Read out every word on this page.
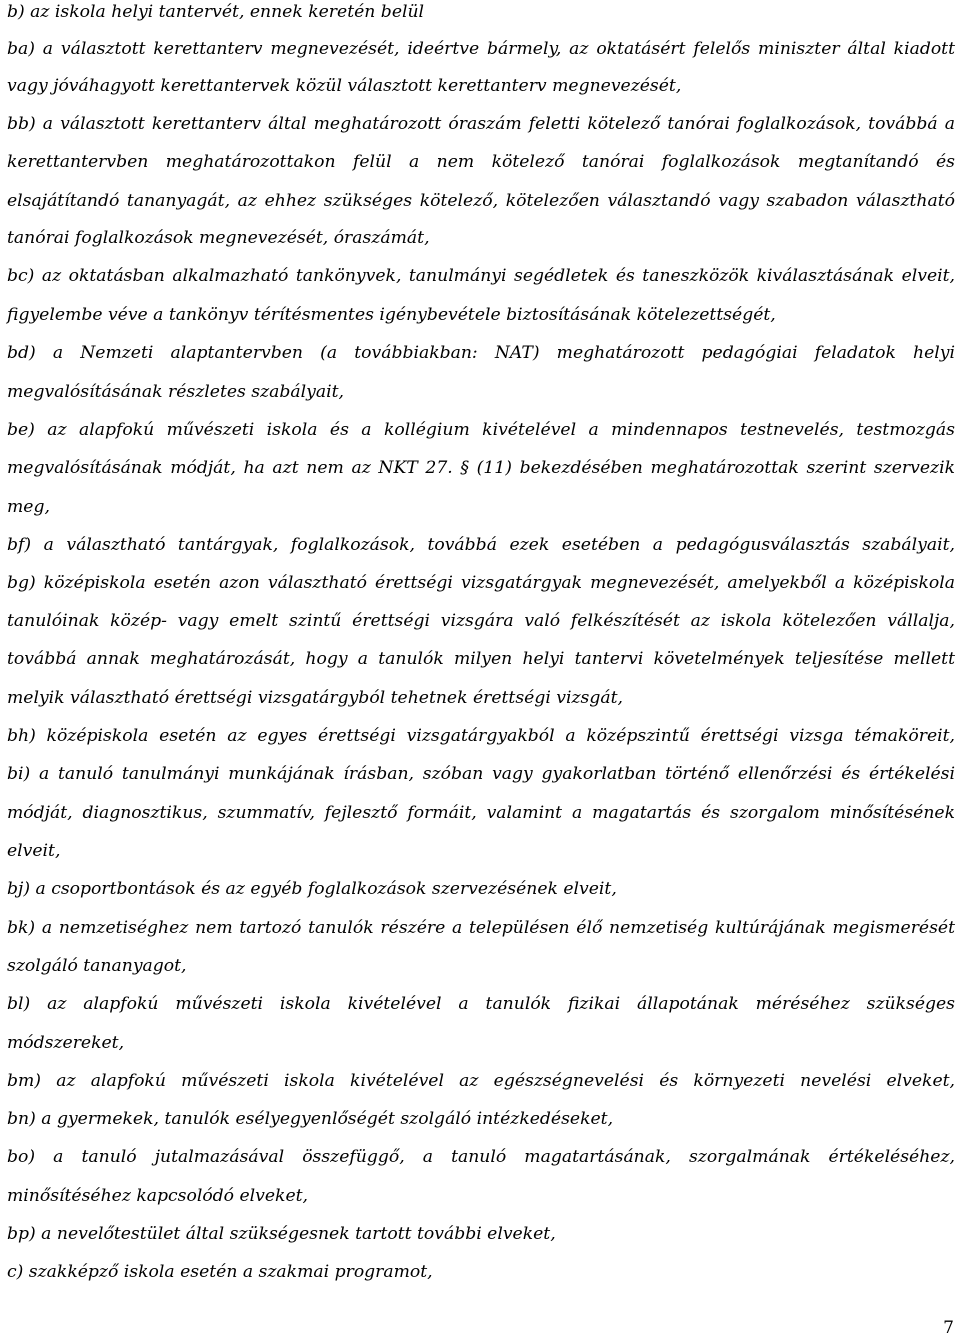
b) az iskola helyi tantervét, ennek keretén belül
ba) a választott kerettanterv megnevezését, ideértve bármely, az oktatásért felelős miniszter által kiadott
vagy jóváhagyott kerettantervek közül választott kerettanterv megnevezését,
bb) a választott kerettanterv által meghatározott óraszám feletti kötelező tanórai foglalkozások, továbbá a
kerettantervben meghatározottakon felül a nem kötelező tanórai foglalkozások megtanítandó és
elsajátítandó tananyagát, az ehhez szükséges kötelező, kötelezően választandó vagy szabadon választható
tanórai foglalkozások megnevezését, óraszámát,
bc) az oktatásban alkalmazható tankönyvek, tanulmányi segédletek és taneszközök kiválasztásának elveit,
figyelembe véve a tankönyv térítésmentes igénybevétele biztosításának kötelezettségét,
bd) a Nemzeti alaptantervben (a továbbiakban: NAT) meghatározott pedagógiai feladatok helyi
megvalósításának részletes szabályait,
be) az alapfokú művészeti iskola és a kollégium kivételével a mindennapos testnevelés, testmozgás
megvalósításának módját, ha azt nem az NKT 27. § (11) bekezdésében meghatározottak szerint szervezik
meg,
bf) a választható tantárgyak, foglalkozások, továbbá ezek esetében a pedagógusválasztás szabályait,
bg) középiskola esetén azon választható érettségi vizsgatárgyak megnevezését, amelyekből a középiskola
tanulóinak közép- vagy emelt szintű érettségi vizsgára való felkészítését az iskola kötelezően vállalja,
továbbá annak meghatározását, hogy a tanulók milyen helyi tantervi követelmények teljesítése mellett
melyik választható érettségi vizsgatárgyból tehetnek érettségi vizsgát,
bh) középiskola esetén az egyes érettségi vizsgatárgyakból a középszintű érettségi vizsga témaköreit,
bi) a tanuló tanulmányi munkájának írásban, szóban vagy gyakorlatban történő ellenőrzési és értékelési
módját, diagnosztikus, szummatív, fejlesztő formáit, valamint a magatartás és szorgalom minősítésének
elveit,
bj) a csoportbontások és az egyéb foglalkozások szervezésének elveit,
bk) a nemzetiséghez nem tartozó tanulók részére a településen élő nemzetiség kultúrájának megismerését
szolgáló tananyagot,
bl) az alapfokú művészeti iskola kivételével a tanulók fizikai állapotának méréséhez szükséges
módszereket,
bm) az alapfokú művészeti iskola kivételével az egészségnevelési és környezeti nevelési elveket,
bn) a gyermekek, tanulók esélyegyenlőségét szolgáló intézkedéseket,
bo) a tanuló jutalmazásával összefüggő, a tanuló magatartásának, szorgalmának értékeléséhez,
minősítéséhez kapcsolódó elveket,
bp) a nevelőtestület által szükségesnek tartott további elveket,
c) szakképző iskola esetén a szakmai programot,
7
